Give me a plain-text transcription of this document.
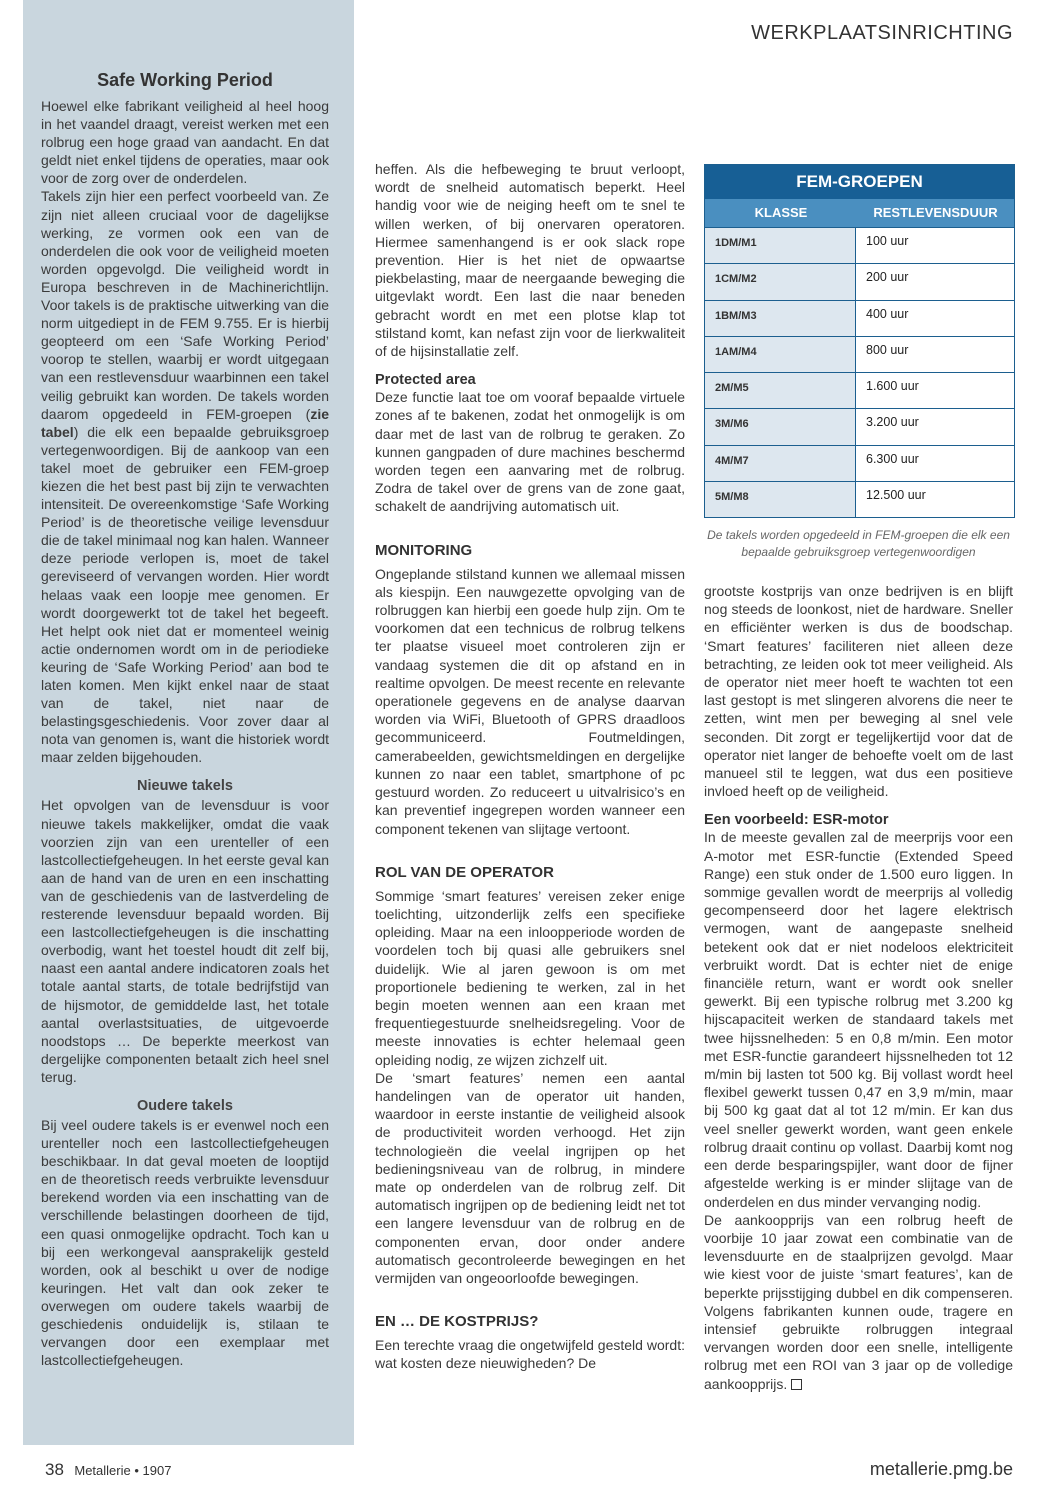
WERKPLAATSINRICHTING
Safe Working Period

Hoewel elke fabrikant veiligheid al heel hoog in het vaandel draagt, vereist werken met een rolbrug een hoge graad van aandacht. En dat geldt niet enkel tijdens de operaties, maar ook voor de zorg over de onderdelen.

Takels zijn hier een perfect voorbeeld van. Ze zijn niet alleen cruciaal voor de dagelijkse werking, ze vormen ook een van de onderdelen die ook voor de veiligheid moeten worden opgevolgd. Die veiligheid wordt in Europa beschreven in de Machinerichtlijn. Voor takels is de praktische uitwerking van die norm uitgediept in de FEM 9.755. Er is hierbij geopteerd om een ‘Safe Working Period’ voorop te stellen, waarbij er wordt uitgegaan van een restlevensduur waarbinnen een takel veilig gebruikt kan worden. De takels worden daarom opgedeeld in FEM-groepen (zie tabel) die elk een bepaalde gebruiksgroep vertegenwoordigen. Bij de aankoop van een takel moet de gebruiker een FEM-groep kiezen die het best past bij zijn te verwachten intensiteit. De overeenkomstige ‘Safe Working Period’ is de theoretische veilige levensduur die de takel minimaal nog kan halen. Wanneer deze periode verlopen is, moet de takel gereviseerd of vervangen worden. Hier wordt helaas vaak een loopje mee genomen. Er wordt doorgewerkt tot de takel het begeeft. Het helpt ook niet dat er momenteel weinig actie ondernomen wordt om in de periodieke keuring de ‘Safe Working Period’ aan bod te laten komen. Men kijkt enkel naar de staat van de takel, niet naar de belastingsgeschiedenis. Voor zover daar al nota van genomen is, want die historiek wordt maar zelden bijgehouden.

Nieuwe takels

Het opvolgen van de levensduur is voor nieuwe takels makkelijker, omdat die vaak voorzien zijn van een urenteller of een lastcollectiefgeheugen. In het eerste geval kan aan de hand van de uren en een inschatting van de geschiedenis van de lastverdeling de resterende levensduur bepaald worden. Bij een lastcollectiefgeheugen is die inschatting overbodig, want het toestel houdt dit zelf bij, naast een aantal andere indicatoren zoals het totale aantal starts, de totale bedrijfstijd van de hijsmotor, de gemiddelde last, het totale aantal overlastsituaties, de uitgevoerde noodstops … De beperkte meerkost van dergelijke componenten betaalt zich heel snel terug.

Oudere takels

Bij veel oudere takels is er evenwel noch een urenteller noch een lastcollectiefgeheugen beschikbaar. In dat geval moeten de looptijd en de theoretisch reeds verbruikte levensduur berekend worden via een inschatting van de verschillende belastingen doorheen de tijd, een quasi onmogelijke opdracht. Toch kan u bij een werkongeval aansprakelijk gesteld worden, ook al beschikt u over de nodige keuringen. Het valt dan ook zeker te overwegen om oudere takels waarbij de geschiedenis onduidelijk is, stilaan te vervangen door een exemplaar met lastcollectiefgeheugen.

heffen. Als die hefbeweging te bruut verloopt, wordt de snelheid automatisch beperkt. Heel handig voor wie de neiging heeft om te snel te willen werken, of bij onervaren operatoren. Hiermee samenhangend is er ook slack rope prevention. Hier is het niet de opwaartse piekbelasting, maar de neergaande beweging die uitgevlakt wordt. Een last die naar beneden gebracht wordt en met een plotse klap tot stilstand komt, kan nefast zijn voor de lierkwaliteit of de hijsinstallatie zelf.

Protected area

Deze functie laat toe om vooraf bepaalde virtuele zones af te bakenen, zodat het onmogelijk is om daar met de last van de rolbrug te geraken. Zo kunnen gangpaden of dure machines beschermd worden tegen een aanvaring met de rolbrug. Zodra de takel over de grens van de zone gaat, schakelt de aandrijving automatisch uit.

MONITORING

Ongeplande stilstand kunnen we allemaal missen als kiespijn. Een nauwgezette opvolging van de rolbruggen kan hierbij een goede hulp zijn. Om te voorkomen dat een technicus de rolbrug telkens ter plaatse visueel moet controleren zijn er vandaag systemen die dit op afstand en in realtime opvolgen. De meest recente en relevante operationele gegevens en de analyse daarvan worden via WiFi, Bluetooth of GPRS draadloos gecommuniceerd. Foutmeldingen, camerabeelden, gewichtsmeldingen en dergelijke kunnen zo naar een tablet, smartphone of pc gestuurd worden. Zo reduceert u uitvalrisico’s en kan preventief ingegrepen worden wanneer een component tekenen van slijtage vertoont.

ROL VAN DE OPERATOR

Sommige ‘smart features’ vereisen zeker enige toelichting, uitzonderlijk zelfs een specifieke opleiding. Maar na een inloopperiode worden de voordelen toch bij quasi alle gebruikers snel duidelijk. Wie al jaren gewoon is om met proportionele bediening te werken, zal in het begin moeten wennen aan een kraan met frequentiegestuurde snelheidsregeling. Voor de meeste innovaties is echter helemaal geen opleiding nodig, ze wijzen zichzelf uit.

De ‘smart features’ nemen een aantal handelingen van de operator uit handen, waardoor in eerste instantie de veiligheid alsook de productiviteit worden verhoogd. Het zijn technologieën die veelal ingrijpen op het bedieningsniveau van de rolbrug, in mindere mate op onderdelen van de rolbrug zelf. Dit automatisch ingrijpen op de bediening leidt net tot een langere levensduur van de rolbrug en de componenten ervan, door onder andere automatisch gecontroleerde bewegingen en het vermijden van ongeoorloofde bewegingen.

EN … DE KOSTPRIJS?

Een terechte vraag die ongetwijfeld gesteld wordt: wat kosten deze nieuwigheden? De

FEM-GROEPEN
KLASSE	RESTLEVENSDUUR
1DM/M1	100 uur
1CM/M2	200 uur
1BM/M3	400 uur
1AM/M4	800 uur
2M/M5	1.600 uur
3M/M6	3.200 uur
4M/M7	6.300 uur
5M/M8	12.500 uur
De takels worden opgedeeld in FEM-groepen die elk een bepaalde gebruiksgroep vertegenwoordigen

grootste kostprijs van onze bedrijven is en blijft nog steeds de loonkost, niet de hardware. Sneller en efficiënter werken is dus de boodschap. ‘Smart features’ faciliteren niet alleen deze betrachting, ze leiden ook tot meer veiligheid. Als de operator niet meer hoeft te wachten tot een last gestopt is met slingeren alvorens die neer te zetten, wint men per beweging al snel vele seconden. Dit zorgt er tegelijkertijd voor dat de operator niet langer de behoefte voelt om de last manueel stil te leggen, wat dus een positieve invloed heeft op de veiligheid.

Een voorbeeld: ESR-motor

In de meeste gevallen zal de meerprijs voor een A-motor met ESR-functie (Extended Speed Range) een stuk onder de 1.500 euro liggen. In sommige gevallen wordt de meerprijs al volledig gecompenseerd door het lagere elektrisch vermogen, want de aangepaste snelheid betekent ook dat er niet nodeloos elektriciteit verbruikt wordt. Dat is echter niet de enige financiële return, want er wordt ook sneller gewerkt. Bij een typische rolbrug met 3.200 kg hijscapaciteit werken de standaard takels met twee hijssnelheden: 5 en 0,8 m/min. Een motor met ESR-functie garandeert hijssnelheden tot 12 m/min bij lasten tot 500 kg. Bij vollast wordt heel flexibel gewerkt tussen 0,47 en 3,9 m/min, maar bij 500 kg gaat dat al tot 12 m/min. Er kan dus veel sneller gewerkt worden, want geen enkele rolbrug draait continu op vollast. Daarbij komt nog een derde besparingspijler, want door de fijner afgestelde werking is er minder slijtage van de onderdelen en dus minder vervanging nodig.

De aankoopprijs van een rolbrug heeft de voorbije 10 jaar zowat een combinatie van de levensduurte en de staalprijzen gevolgd. Maar wie kiest voor de juiste ‘smart features’, kan de beperkte prijsstijging dubbel en dik compenseren. Volgens fabrikanten kunnen oude, tragere en intensief gebruikte rolbruggen integraal vervangen worden door een snelle, intelligente rolbrug met een ROI van 3 jaar op de volledige aankoopprijs.

38 Metallerie • 1907	metallerie.pmg.be
